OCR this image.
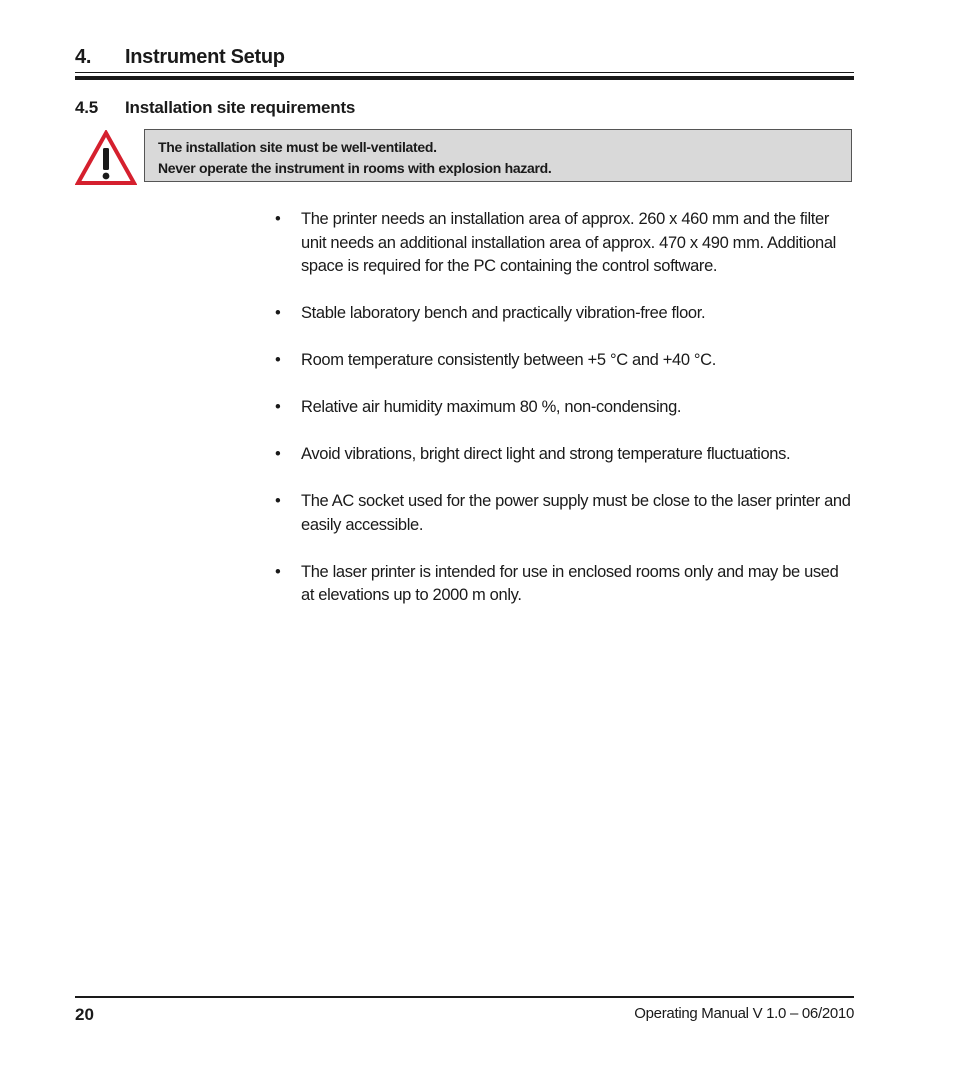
4. Instrument Setup
4.5 Installation site requirements
The installation site must be well-ventilated.
Never operate the instrument in rooms with explosion hazard.
• The printer needs an installation area of approx. 260 x 460 mm and the filter unit needs an additional installation area of approx. 470 x 490 mm. Additional space is required for the PC containing the control software.
• Stable laboratory bench and practically vibration-free floor.
• Room temperature consistently between +5 °C and +40 °C.
• Relative air humidity maximum 80 %, non-condensing.
• Avoid vibrations, bright direct light and strong temperature fluctuations.
• The AC socket used for the power supply must be close to the laser printer and easily accessible.
• The laser printer is intended for use in enclosed rooms only and may be used at elevations up to 2000 m only.
20	Operating Manual V 1.0 – 06/2010
